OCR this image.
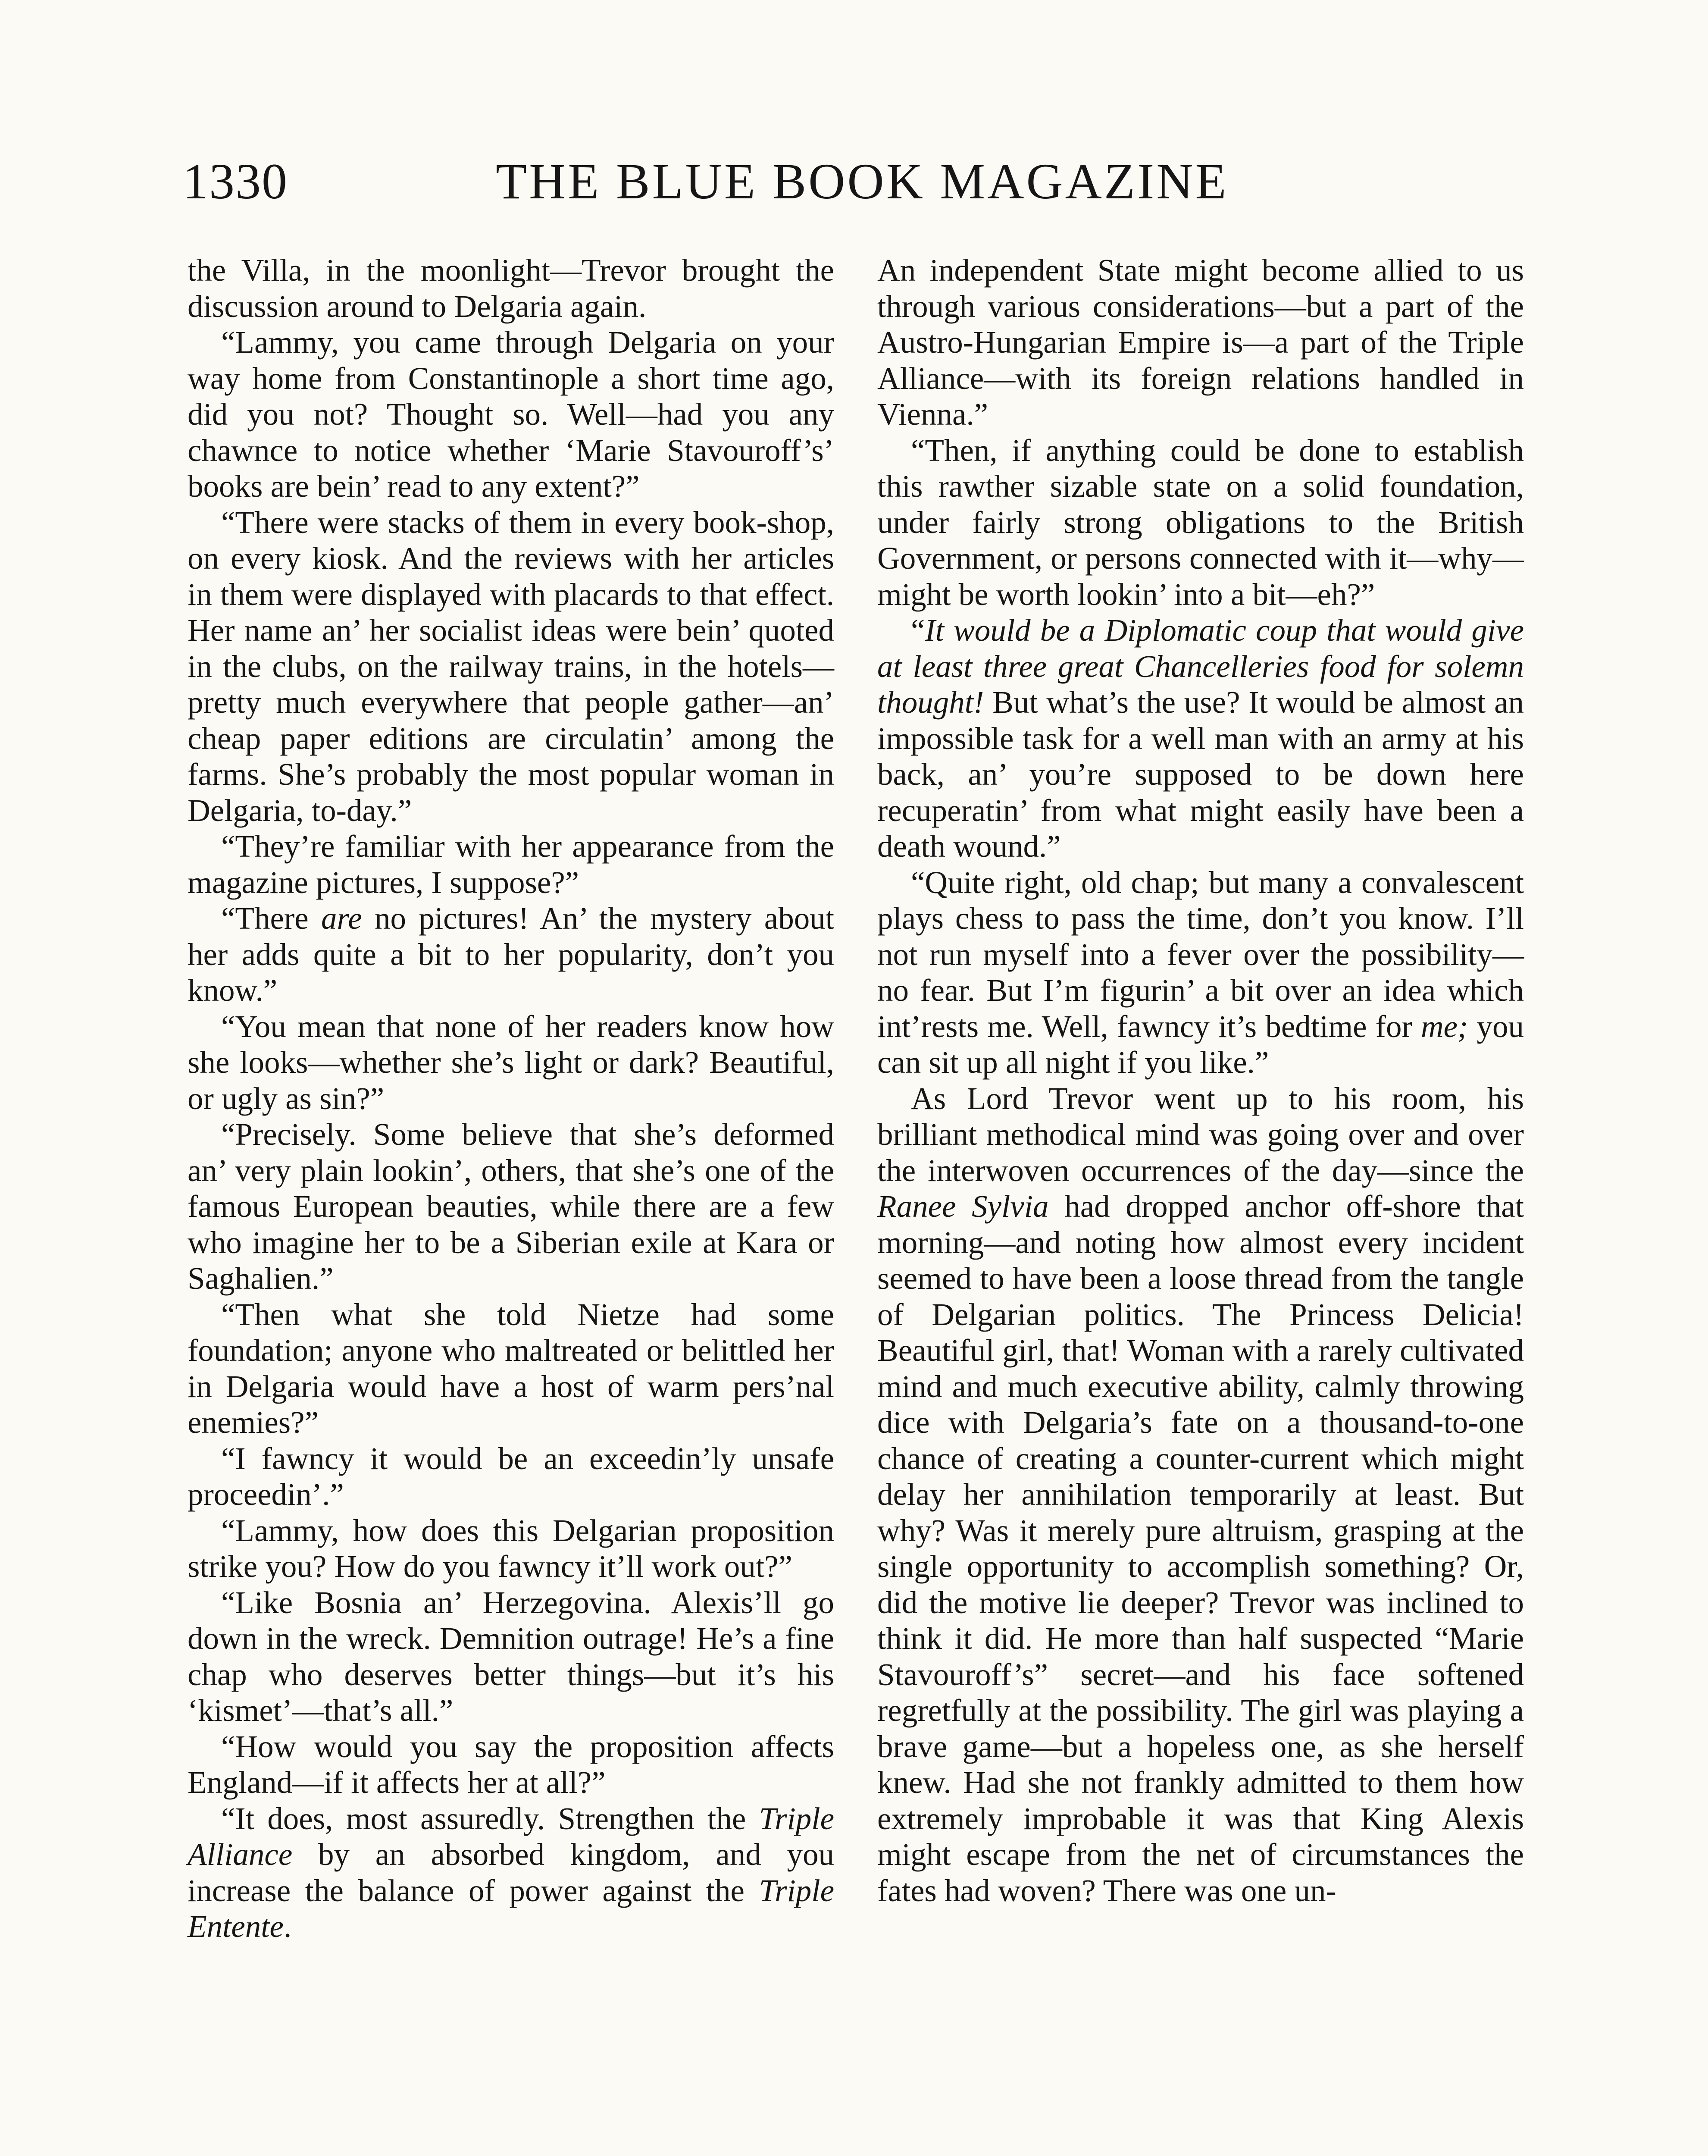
1330	THE BLUE BOOK MAGAZINE

the Villa, in the moonlight—Trevor brought the discussion around to Delgaria again.

“Lammy, you came through Delgaria on your way home from Constantinople a short time ago, did you not? Thought so. Well—had you any chawnce to notice whether ‘Marie Stavouroff’s’ books are bein’ read to any extent?”

“There were stacks of them in every book-shop, on every kiosk. And the reviews with her articles in them were displayed with placards to that effect. Her name an’ her socialist ideas were bein’ quoted in the clubs, on the railway trains, in the hotels—pretty much everywhere that people gather—an’ cheap paper editions are circulatin’ among the farms. She’s probably the most popular woman in Delgaria, to-day.”

“They’re familiar with her appearance from the magazine pictures, I suppose?”

“There are no pictures! An’ the mystery about her adds quite a bit to her popularity, don’t you know.”

“You mean that none of her readers know how she looks—whether she’s light or dark? Beautiful, or ugly as sin?”

“Precisely. Some believe that she’s deformed an’ very plain lookin’, others, that she’s one of the famous European beauties, while there are a few who imagine her to be a Siberian exile at Kara or Saghalien.”

“Then what she told Nietze had some foundation; anyone who maltreated or belittled her in Delgaria would have a host of warm pers’nal enemies?”

“I fawncy it would be an exceedin’ly unsafe proceedin’.”

“Lammy, how does this Delgarian proposition strike you? How do you fawncy it’ll work out?”

“Like Bosnia an’ Herzegovina. Alexis’ll go down in the wreck. Demnition outrage! He’s a fine chap who deserves better things—but it’s his ‘kismet’—that’s all.”

“How would you say the proposition affects England—if it affects her at all?”

“It does, most assuredly. Strengthen the Triple Alliance by an absorbed kingdom, and you increase the balance of power against the Triple Entente.

An independent State might become allied to us through various considerations—but a part of the Austro-Hungarian Empire is—a part of the Triple Alliance—with its foreign relations handled in Vienna.”

“Then, if anything could be done to establish this rawther sizable state on a solid foundation, under fairly strong obligations to the British Government, or persons connected with it—why—might be worth lookin’ into a bit—eh?”

“It would be a Diplomatic coup that would give at least three great Chancelleries food for solemn thought! But what’s the use? It would be almost an impossible task for a well man with an army at his back, an’ you’re supposed to be down here recuperatin’ from what might easily have been a death wound.”

“Quite right, old chap; but many a convalescent plays chess to pass the time, don’t you know. I’ll not run myself into a fever over the possibility—no fear. But I’m figurin’ a bit over an idea which int’rests me. Well, fawncy it’s bedtime for me; you can sit up all night if you like.”

As Lord Trevor went up to his room, his brilliant methodical mind was going over and over the interwoven occurrences of the day—since the Ranee Sylvia had dropped anchor off-shore that morning—and noting how almost every incident seemed to have been a loose thread from the tangle of Delgarian politics. The Princess Delicia! Beautiful girl, that! Woman with a rarely cultivated mind and much executive ability, calmly throwing dice with Delgaria’s fate on a thousand-to-one chance of creating a counter-current which might delay her annihilation temporarily at least. But why? Was it merely pure altruism, grasping at the single opportunity to accomplish something? Or, did the motive lie deeper? Trevor was inclined to think it did. He more than half suspected “Marie Stavouroff’s” secret—and his face softened regretfully at the possibility. The girl was playing a brave game—but a hopeless one, as she herself knew. Had she not frankly admitted to them how extremely improbable it was that King Alexis might escape from the net of circumstances the fates had woven? There was one un-
